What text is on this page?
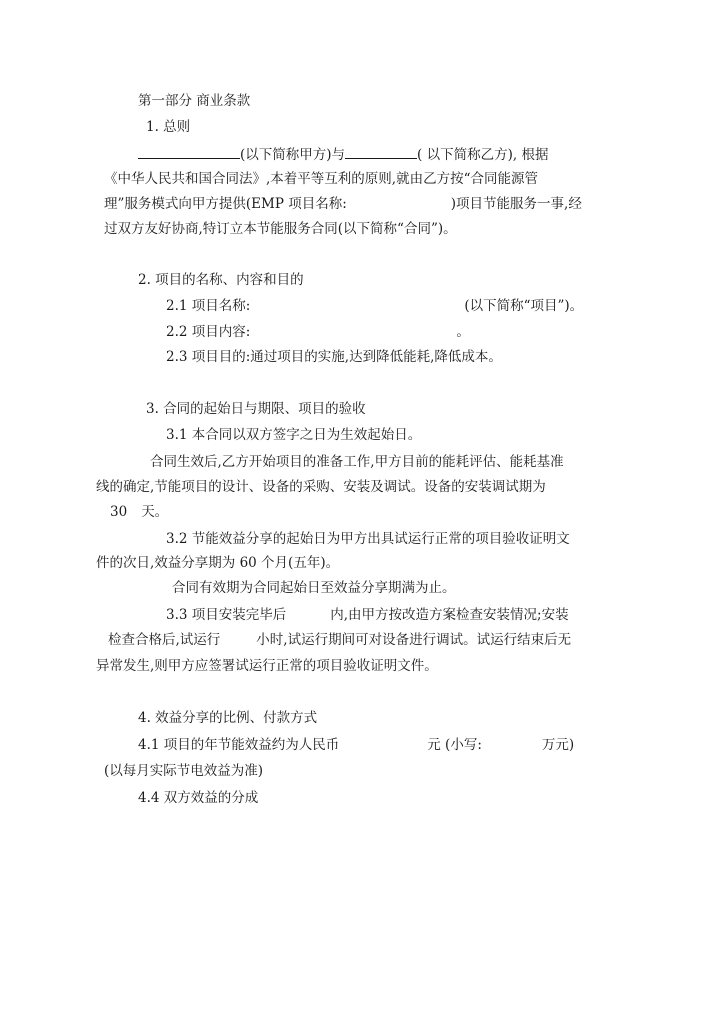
第一部分 商业条款
1. 总则
(以下简称甲方)与	( 以下简称乙方), 根据
《中华人民共和国合同法》,本着平等互利的原则,就由乙方按“合同能源管
理”服务模式向甲方提供(EMP 项目名称:	)项目节能服务一事,经
过双方友好协商,特订立本节能服务合同(以下简称“合同”)。
2. 项目的名称、内容和目的
2.1 项目名称:	(以下简称“项目”)。
2.2 项目内容:	。
2.3 项目目的:通过项目的实施,达到降低能耗,降低成本。
3. 合同的起始日与期限、项目的验收
3.1 本合同以双方签字之日为生效起始日。
合同生效后,乙方开始项目的准备工作,甲方目前的能耗评估、能耗基准
线的确定,节能项目的设计、设备的采购、安装及调试。设备的安装调试期为
30 天。
3.2 节能效益分享的起始日为甲方出具试运行正常的项目验收证明文
件的次日,效益分享期为 60 个月(五年)。
合同有效期为合同起始日至效益分享期满为止。
3.3 项目安装完毕后	内,由甲方按改造方案检查安装情况;安装
检查合格后,试运行	小时,试运行期间可对设备进行调试。试运行结束后无
异常发生,则甲方应签署试运行正常的项目验收证明文件。
4. 效益分享的比例、付款方式
4.1 项目的年节能效益约为人民币	元 (小写:	万元)
(以每月实际节电效益为准)
4.4 双方效益的分成
